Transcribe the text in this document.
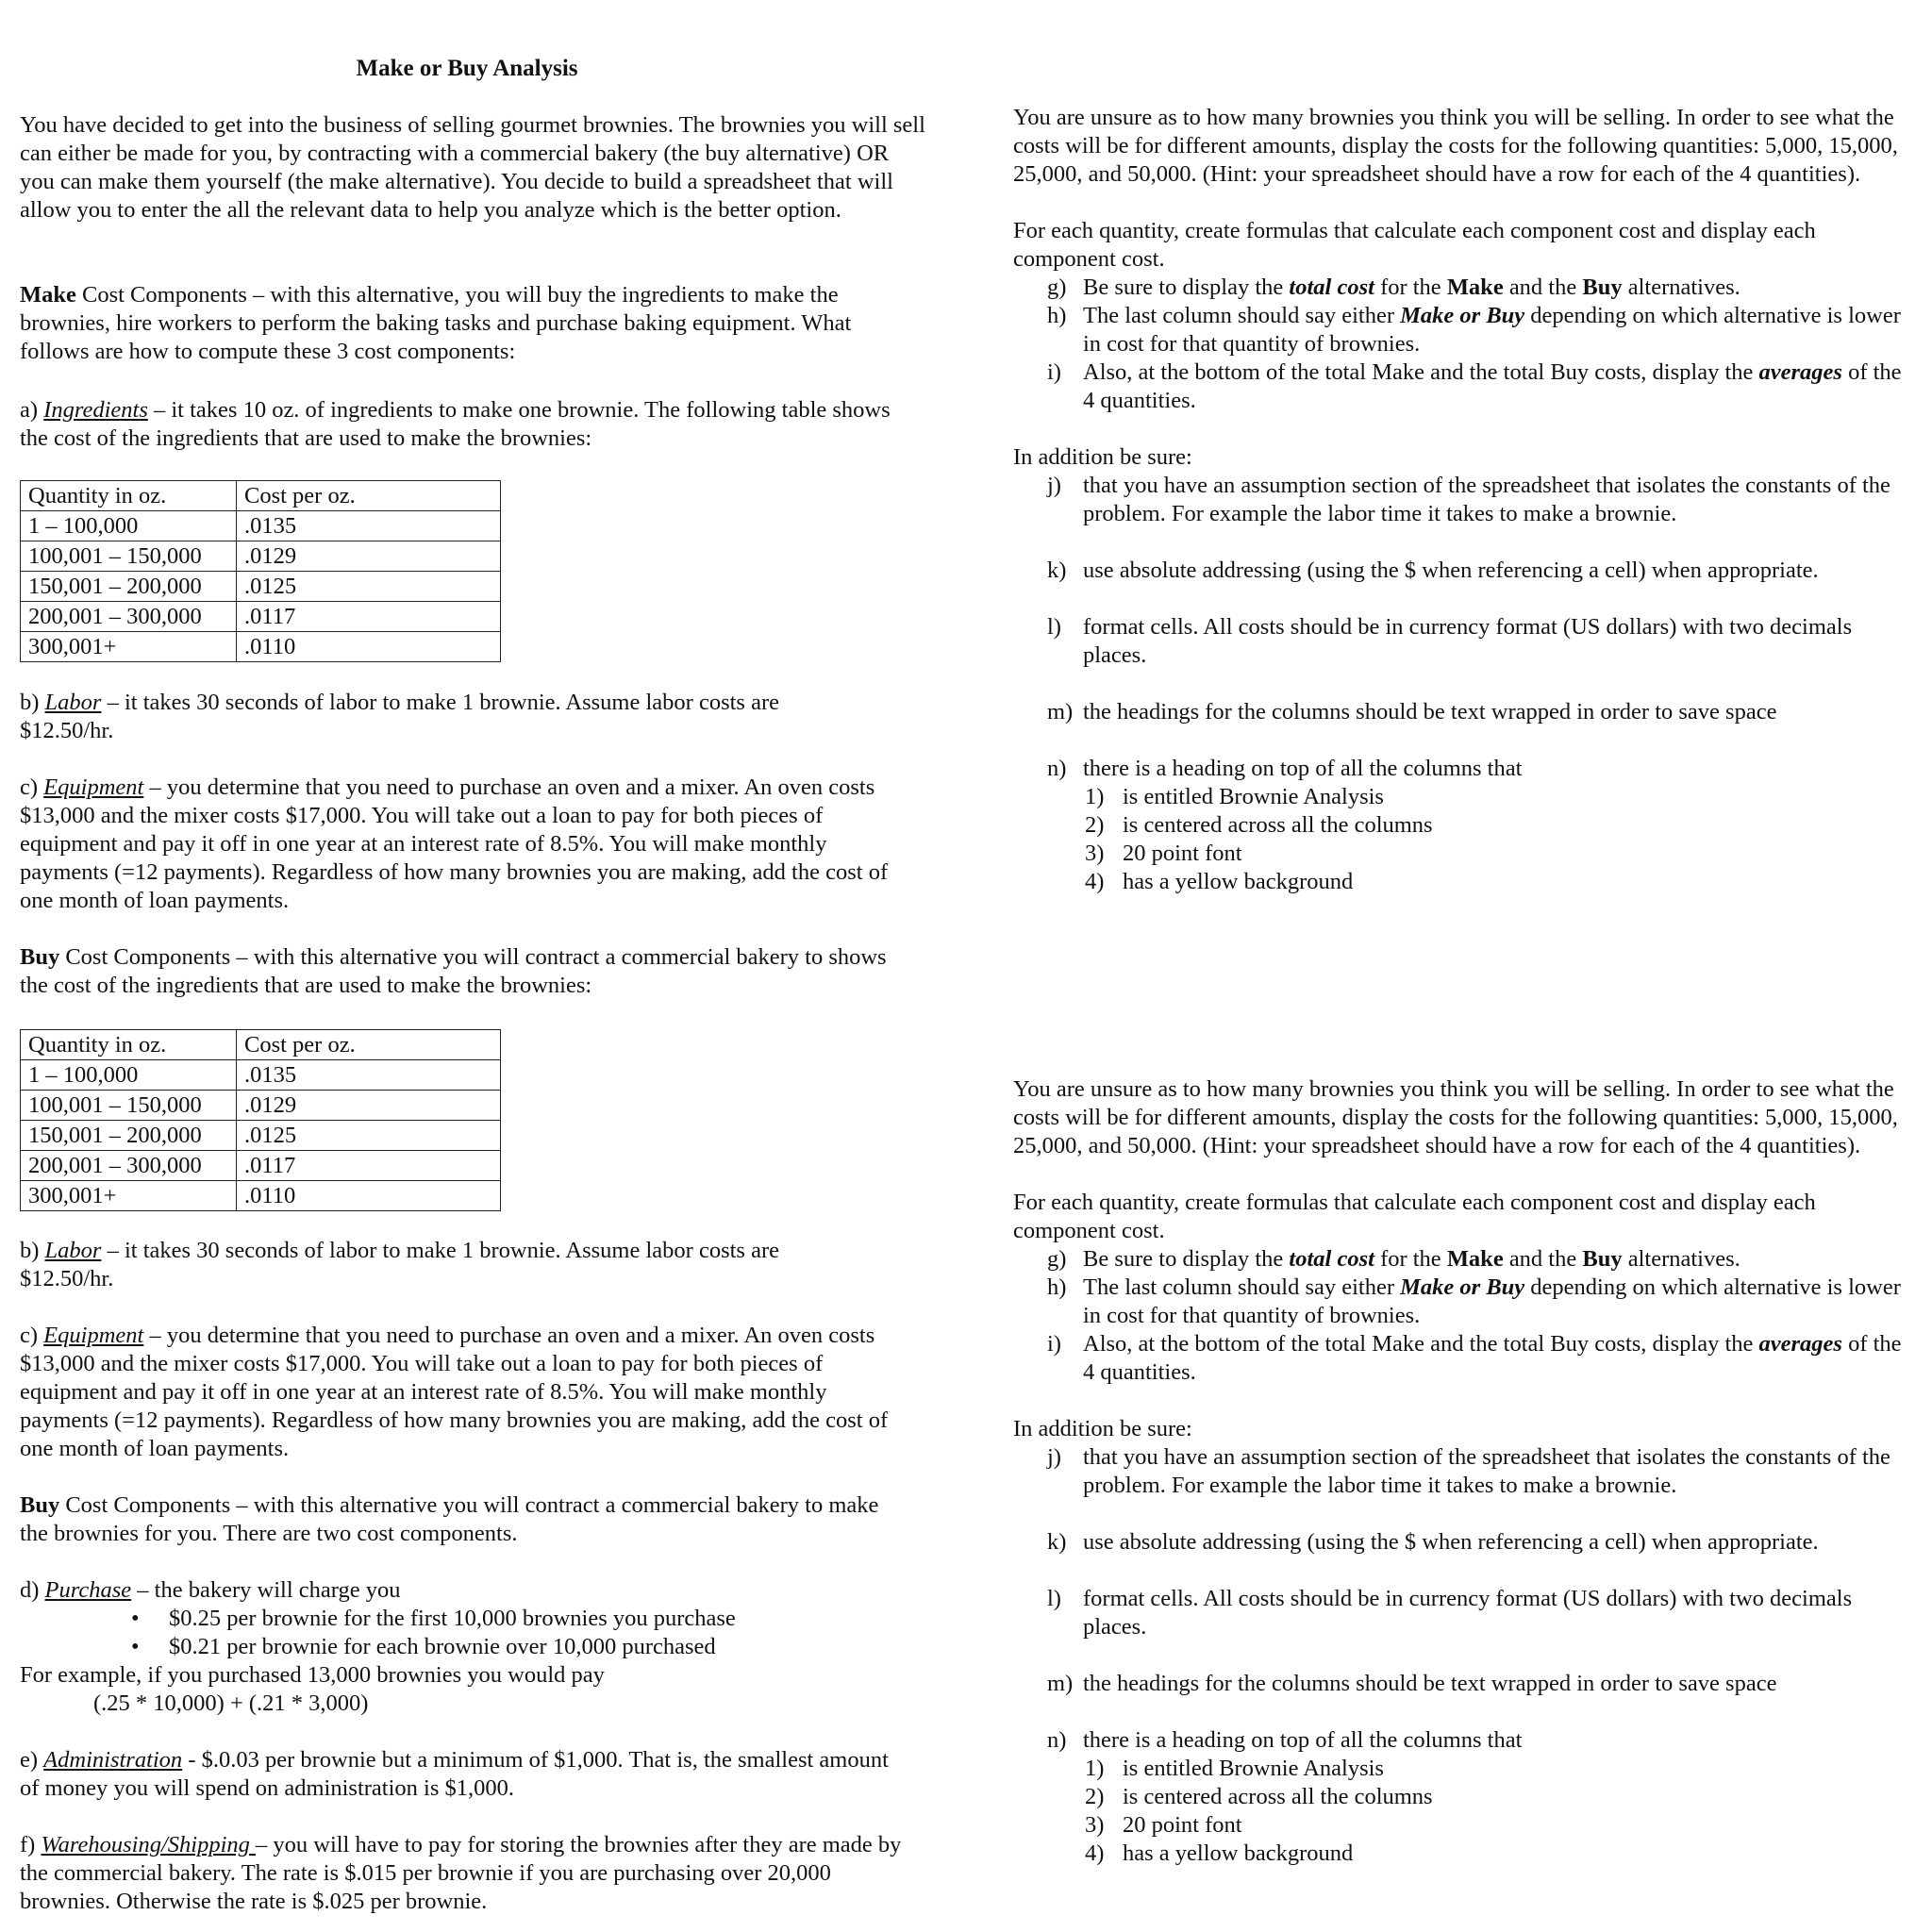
Make or Buy Analysis

You have decided to get into the business of selling gourmet brownies. The brownies you will sell can either be made for you, by contracting with a commercial bakery (the buy alternative) OR you can make them yourself (the make alternative). You decide to build a spreadsheet that will allow you to enter the all the relevant data to help you analyze which is the better option.

Make Cost Components – with this alternative, you will buy the ingredients to make the brownies, hire workers to perform the baking tasks and purchase baking equipment. What follows are how to compute these 3 cost components:

a) Ingredients – it takes 10 oz. of ingredients to make one brownie. The following table shows the cost of the ingredients that are used to make the brownies:

Quantity in oz.	Cost per oz.
1 – 100,000	.0135
100,001 – 150,000	.0129
150,001 – 200,000	.0125
200,001 – 300,000	.0117
300,001+	.0110

b) Labor – it takes 30 seconds of labor to make 1 brownie. Assume labor costs are $12.50/hr.

c) Equipment – you determine that you need to purchase an oven and a mixer. An oven costs $13,000 and the mixer costs $17,000. You will take out a loan to pay for both pieces of equipment and pay it off in one year at an interest rate of 8.5%. You will make monthly payments (=12 payments). Regardless of how many brownies you are making, add the cost of one month of loan payments.

Buy Cost Components – with this alternative you will contract a commercial bakery to shows the cost of the ingredients that are used to make the brownies:

Quantity in oz.	Cost per oz.
1 – 100,000	.0135
100,001 – 150,000	.0129
150,001 – 200,000	.0125
200,001 – 300,000	.0117
300,001+	.0110

b) Labor – it takes 30 seconds of labor to make 1 brownie. Assume labor costs are $12.50/hr.

c) Equipment – you determine that you need to purchase an oven and a mixer. An oven costs $13,000 and the mixer costs $17,000. You will take out a loan to pay for both pieces of equipment and pay it off in one year at an interest rate of 8.5%. You will make monthly payments (=12 payments). Regardless of how many brownies you are making, add the cost of one month of loan payments.

Buy Cost Components – with this alternative you will contract a commercial bakery to make the brownies for you. There are two cost components.

d) Purchase – the bakery will charge you

•	$0.25 per brownie for the first 10,000 brownies you purchase
•	$0.21 per brownie for each brownie over 10,000 purchased

For example, if you purchased 13,000 brownies you would pay

(.25 * 10,000) + (.21 * 3,000)

e) Administration - $.0.03 per brownie but a minimum of $1,000. That is, the smallest amount of money you will spend on administration is $1,000.

f) Warehousing/Shipping – you will have to pay for storing the brownies after they are made by the commercial bakery. The rate is $.015 per brownie if you are purchasing over 20,000 brownies. Otherwise the rate is $.025 per brownie.

You are unsure as to how many brownies you think you will be selling. In order to see what the costs will be for different amounts, display the costs for the following quantities: 5,000, 15,000, 25,000, and 50,000. (Hint: your spreadsheet should have a row for each of the 4 quantities).

For each quantity, create formulas that calculate each component cost and display each component cost.

g) Be sure to display the total cost for the Make and the Buy alternatives.
h) The last column should say either Make or Buy depending on which alternative is lower in cost for that quantity of brownies.
i) Also, at the bottom of the total Make and the total Buy costs, display the averages of the 4 quantities.

In addition be sure:

j) that you have an assumption section of the spreadsheet that isolates the constants of the problem. For example the labor time it takes to make a brownie.
k) use absolute addressing (using the $ when referencing a cell) when appropriate.
l) format cells. All costs should be in currency format (US dollars) with two decimals places.
m) the headings for the columns should be text wrapped in order to save space
n) there is a heading on top of all the columns that
1) is entitled Brownie Analysis
2) is centered across all the columns
3) 20 point font
4) has a yellow background

You are unsure as to how many brownies you think you will be selling. In order to see what the costs will be for different amounts, display the costs for the following quantities: 5,000, 15,000, 25,000, and 50,000. (Hint: your spreadsheet should have a row for each of the 4 quantities).

For each quantity, create formulas that calculate each component cost and display each component cost.

g) Be sure to display the total cost for the Make and the Buy alternatives.
h) The last column should say either Make or Buy depending on which alternative is lower in cost for that quantity of brownies.
i) Also, at the bottom of the total Make and the total Buy costs, display the averages of the 4 quantities.

In addition be sure:

j) that you have an assumption section of the spreadsheet that isolates the constants of the problem. For example the labor time it takes to make a brownie.
k) use absolute addressing (using the $ when referencing a cell) when appropriate.
l) format cells. All costs should be in currency format (US dollars) with two decimals places.
m) the headings for the columns should be text wrapped in order to save space
n) there is a heading on top of all the columns that
1) is entitled Brownie Analysis
2) is centered across all the columns
3) 20 point font
4) has a yellow background
